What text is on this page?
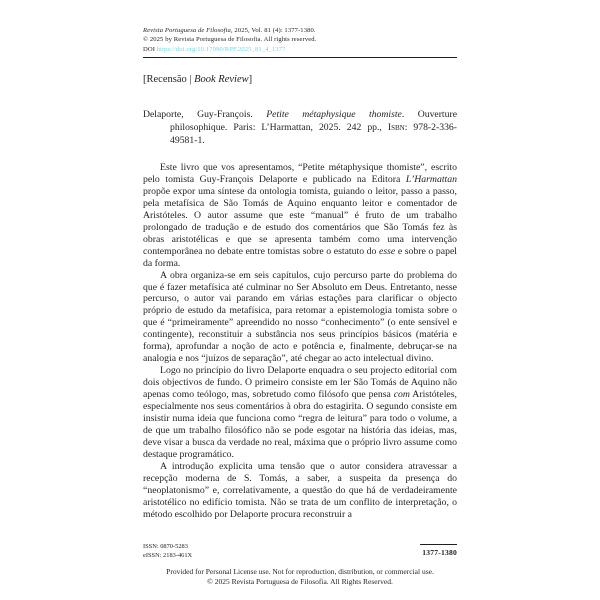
Revista Portuguesa de Filosofia, 2025, Vol. 81 (4): 1377-1380.
© 2025 by Revista Portuguesa de Filosofia. All rights reserved.
DOI https://doi.org/10.17990/RPF.2025_81_4_1377
[Recensão | Book Review]
Delaporte, Guy-François. Petite métaphysique thomiste. Ouverture philosophique. Paris: L’Harmattan, 2025. 242 pp., Isbn: 978-2-336-49581-1.

Este livro que vos apresentamos, “Petite métaphysique thomiste”, escrito pelo tomista Guy-François Delaporte e publicado na Editora L’Harmattan propõe expor uma síntese da ontologia tomista, guiando o leitor, passo a passo, pela metafísica de São Tomás de Aquino enquanto leitor e comentador de Aristóteles. O autor assume que este “manual” é fruto de um trabalho prolongado de tradução e de estudo dos comentários que São Tomás fez às obras aristotélicas e que se apresenta também como uma intervenção contemporânea no debate entre tomistas sobre o estatuto do esse e sobre o papel da forma.

A obra organiza-se em seis capítulos, cujo percurso parte do problema do que é fazer metafísica até culminar no Ser Absoluto em Deus. Entretanto, nesse percurso, o autor vai parando em várias estações para clarificar o objecto próprio de estudo da metafísica, para retomar a epistemologia tomista sobre o que é “primeiramente” apreendido no nosso “conhecimento” (o ente sensível e contingente), reconstituir a substância nos seus princípios básicos (matéria e forma), aprofundar a noção de acto e potência e, finalmente, debruçar-se na analogia e nos “juízos de separação”, até chegar ao acto intelectual divino.

Logo no princípio do livro Delaporte enquadra o seu projecto editorial com dois objectivos de fundo. O primeiro consiste em ler São Tomás de Aquino não apenas como teólogo, mas, sobretudo como filósofo que pensa com Aristóteles, especialmente nos seus comentários à obra do estagirita. O segundo consiste em insistir numa ideia que funciona como “regra de leitura” para todo o volume, a de que um trabalho filosófico não se pode esgotar na história das ideias, mas, deve visar a busca da verdade no real, máxima que o próprio livro assume como destaque programático.

A introdução explicita uma tensão que o autor considera atravessar a recepção moderna de S. Tomás, a saber, a suspeita da presença do “neoplatonismo” e, correlativamente, a questão do que há de verdadeiramente aristotélico no edifício tomista. Não se trata de um conflito de interpretação, o método escolhido por Delaporte procura reconstruir a

ISSN: 0870-5283
eISSN: 2183-461X	1377-1380
Provided for Personal License use. Not for reproduction, distribution, or commercial use.
© 2025 Revista Portuguesa de Filosofia. All Rights Reserved.
